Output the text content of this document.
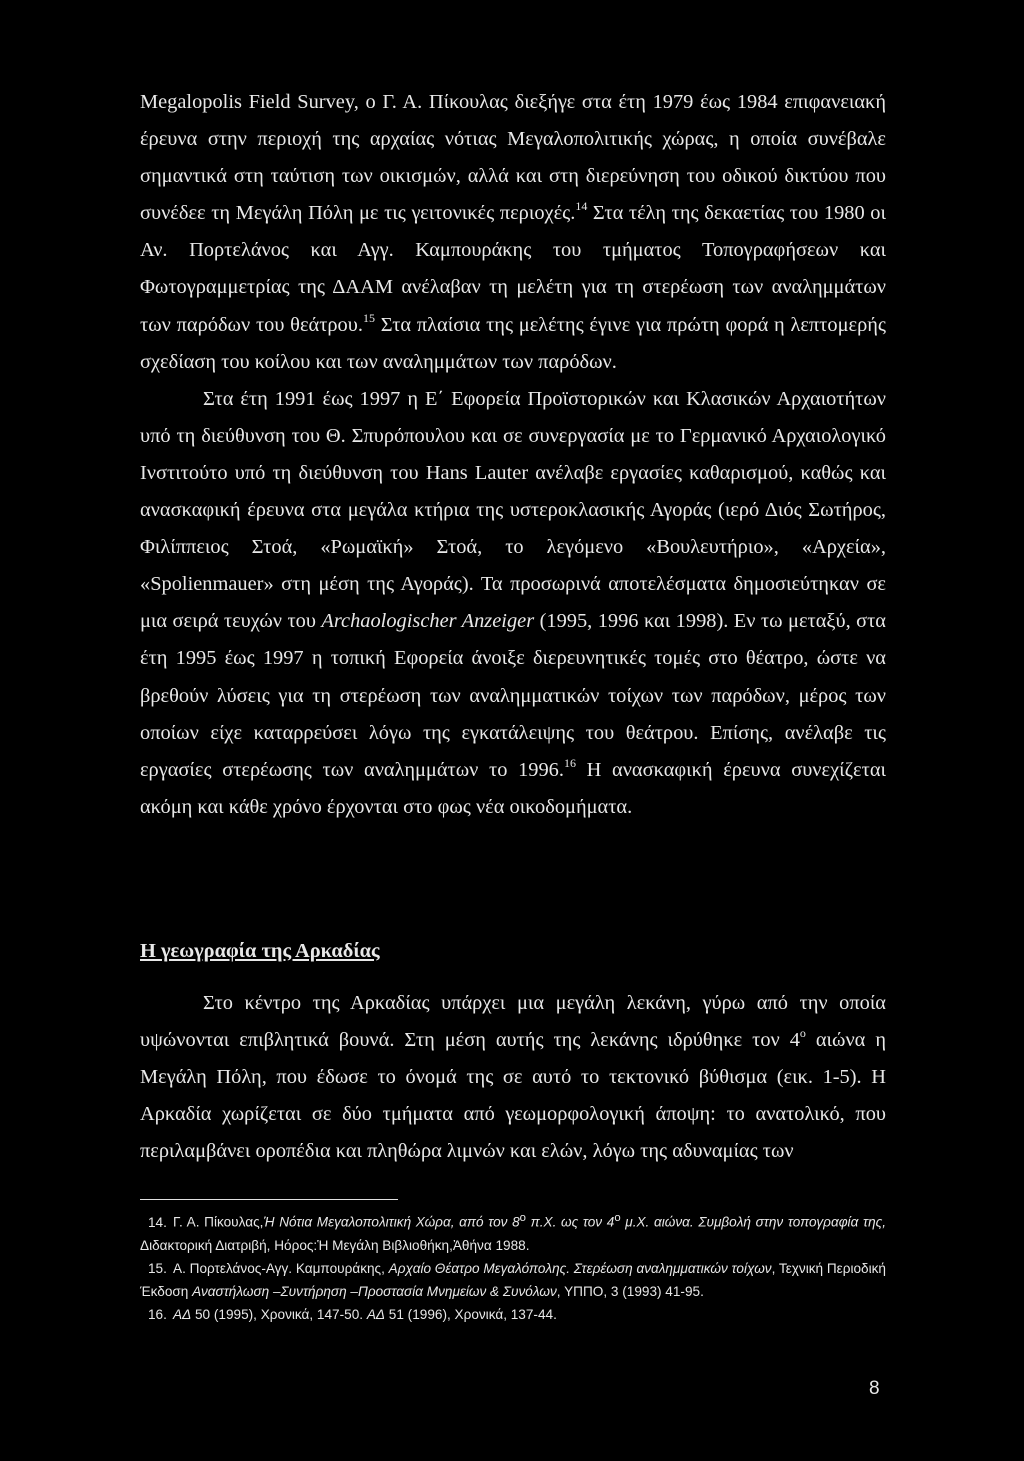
Megalopolis Field Survey, ο Γ. Α. Πίκουλας διεξήγε στα έτη 1979 έως 1984 επιφανειακή έρευνα στην περιοχή της αρχαίας νότιας Μεγαλοπολιτικής χώρας, η οποία συνέβαλε σημαντικά στη ταύτιση των οικισμών, αλλά και στη διερεύνηση του οδικού δικτύου που συνέδεε τη Μεγάλη Πόλη με τις γειτονικές περιοχές.$^{14}$ Στα τέλη της δεκαετίας του 1980 οι Αν. Πορτελάνος και Αγγ. Καμπουράκης του τμήματος Τοπογραφήσεων και Φωτογραμμετρίας της ΔΑΑΜ ανέλαβαν τη μελέτη για τη στερέωση των αναλημμάτων των παρόδων του θεάτρου.$^{15}$ Στα πλαίσια της μελέτης έγινε για πρώτη φορά η λεπτομερής σχεδίαση του κοίλου και των αναλημμάτων των παρόδων.

Στα έτη 1991 έως 1997 η Ε΄ Εφορεία Προϊστορικών και Κλασικών Αρχαιοτήτων υπό τη διεύθυνση του Θ. Σπυρόπουλου και σε συνεργασία με το Γερμανικό Αρχαιολογικό Ινστιτούτο υπό τη διεύθυνση του Hans Lauter ανέλαβε εργασίες καθαρισμού, καθώς και ανασκαφική έρευνα στα μεγάλα κτήρια της υστεροκλασικής Αγοράς (ιερό Διός Σωτήρος, Φιλίππειος Στοά, «Ρωμαϊκή» Στοά, το λεγόμενο «Βουλευτήριο», «Αρχεία», «Spolienmauer» στη μέση της Αγοράς). Τα προσωρινά αποτελέσματα δημοσιεύτηκαν σε μια σειρά τευχών του Archaologischer Anzeiger (1995, 1996 και 1998). Εν τω μεταξύ, στα έτη 1995 έως 1997 η τοπική Εφορεία άνοιξε διερευνητικές τομές στο θέατρο, ώστε να βρεθούν λύσεις για τη στερέωση των αναλημματικών τοίχων των παρόδων, μέρος των οποίων είχε καταρρεύσει λόγω της εγκατάλειψης του θεάτρου. Επίσης, ανέλαβε τις εργασίες στερέωσης των αναλημμάτων το 1996.16 Η ανασκαφική έρευνα συνεχίζεται ακόμη και κάθε χρόνο έρχονται στο φως νέα οικοδομήματα.

Η γεωγραφία της Αρκαδίας

Στο κέντρο της Αρκαδίας υπάρχει μια μεγάλη λεκάνη, γύρω από την οποία υψώνονται επιβλητικά βουνά. Στη μέση αυτής της λεκάνης ιδρύθηκε τον $4^o$ αιώνα η Μεγάλη Πόλη, που έδωσε το όνομά της σε αυτό το τεκτονικό βύθισμα (εικ. 1-5). Η Αρκαδία χωρίζεται σε δύο τμήματα από γεωμορφολογική άποψη: το ανατολικό, που περιλαμβάνει οροπέδια και πληθώρα λιμνών και ελών, λόγω της αδυναμίας των

14. Γ. Α. Πίκουλας,Ἡ Νότια Μεγαλοπολιτική Χώρα, από τον $8^o$ π.Χ. ως τον $4^o$ μ.Χ. αιώνα. Συμβολή στην τοπογραφία της, Διδακτορική Διατριβή, Ηόρος:Ἡ Μεγάλη Βιβλιοθήκη,Ἀθήνα 1988.

15. Α. Πορτελάνος-Αγγ. Καμπουράκης, Αρχαίο Θέατρο Μεγαλόπολης. Στερέωση αναλημματικών τοίχων, Τεχνική Περιοδική Έκδοση Αναστήλωση –Συντήρηση –Προστασία Μνημείων & Συνόλων, ΥΠΠΟ, 3 (1993) 41-95.

16. ΑΔ 50 (1995), Χρονικά, 147-50. ΑΔ 51 (1996), Χρονικά, 137-44.

8
